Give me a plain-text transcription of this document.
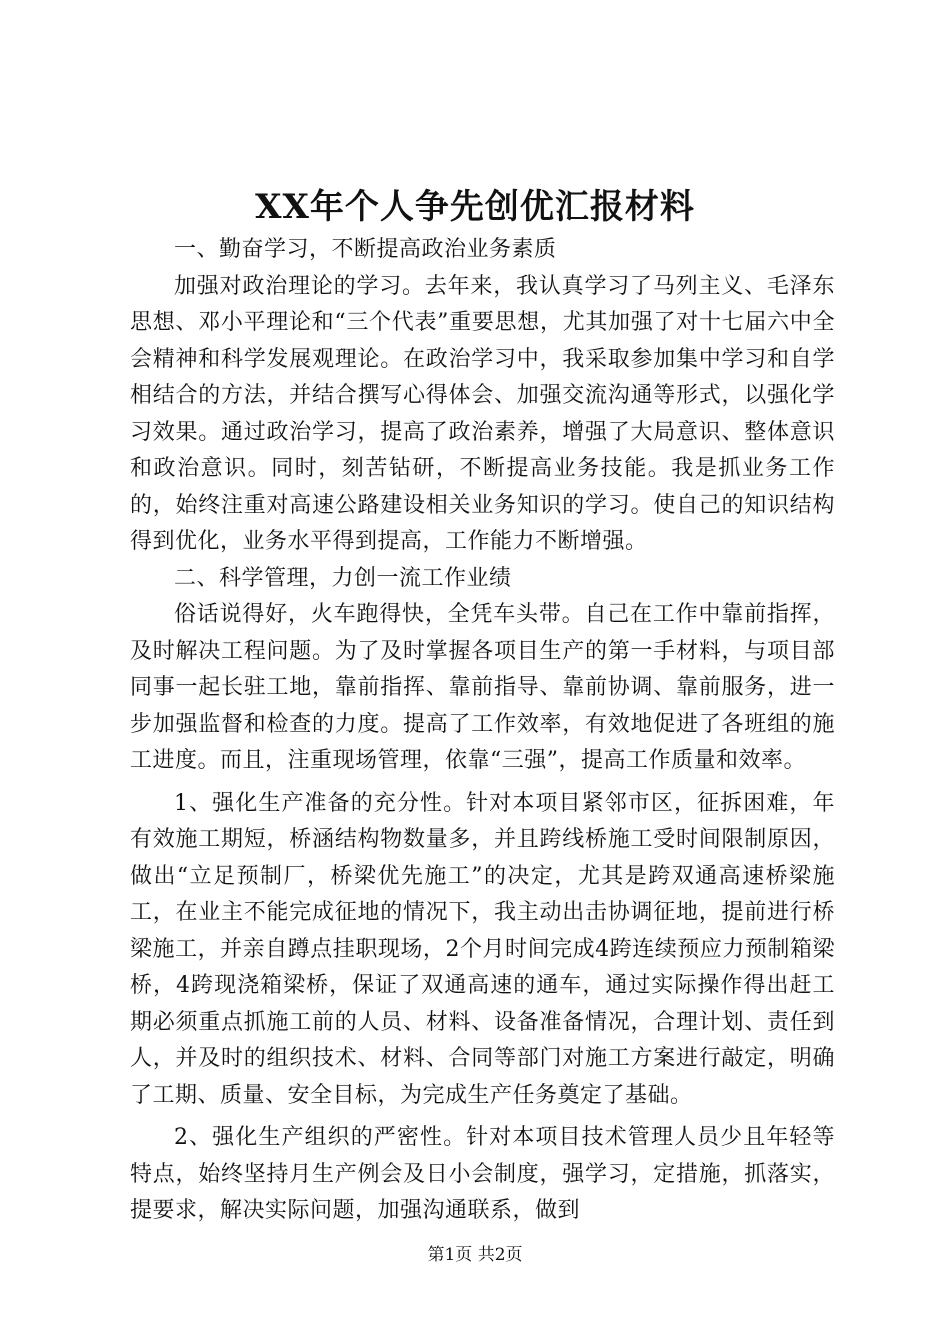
XX年个人争先创优汇报材料

一、勤奋学习，不断提高政治业务素质

加强对政治理论的学习。去年来，我认真学习了马列主义、毛泽东思想、邓小平理论和“三个代表”重要思想，尤其加强了对十七届六中全会精神和科学发展观理论。在政治学习中，我采取参加集中学习和自学相结合的方法，并结合撰写心得体会、加强交流沟通等形式，以强化学习效果。通过政治学习，提高了政治素养，增强了大局意识、整体意识和政治意识。同时，刻苦钻研，不断提高业务技能。我是抓业务工作的，始终注重对高速公路建设相关业务知识的学习。使自己的知识结构得到优化，业务水平得到提高，工作能力不断增强。

二、科学管理，力创一流工作业绩

俗话说得好，火车跑得快，全凭车头带。自己在工作中靠前指挥，及时解决工程问题。为了及时掌握各项目生产的第一手材料，与项目部同事一起长驻工地，靠前指挥、靠前指导、靠前协调、靠前服务，进一步加强监督和检查的力度。提高了工作效率，有效地促进了各班组的施工进度。而且，注重现场管理，依靠“三强”，提高工作质量和效率。

1、强化生产准备的充分性。针对本项目紧邻市区，征拆困难，年有效施工期短，桥涵结构物数量多，并且跨线桥施工受时间限制原因，做出“立足预制厂，桥梁优先施工”的决定，尤其是跨双通高速桥梁施工，在业主不能完成征地的情况下，我主动出击协调征地，提前进行桥梁施工，并亲自蹲点挂职现场，2个月时间完成4跨连续预应力预制箱梁桥，4跨现浇箱梁桥，保证了双通高速的通车，通过实际操作得出赶工期必须重点抓施工前的人员、材料、设备准备情况，合理计划、责任到人，并及时的组织技术、材料、合同等部门对施工方案进行敲定，明确了工期、质量、安全目标，为完成生产任务奠定了基础。

2、强化生产组织的严密性。针对本项目技术管理人员少且年轻等特点，始终坚持月生产例会及日小会制度，强学习，定措施，抓落实，提要求，解决实际问题，加强沟通联系，做到

第1页 共2页
